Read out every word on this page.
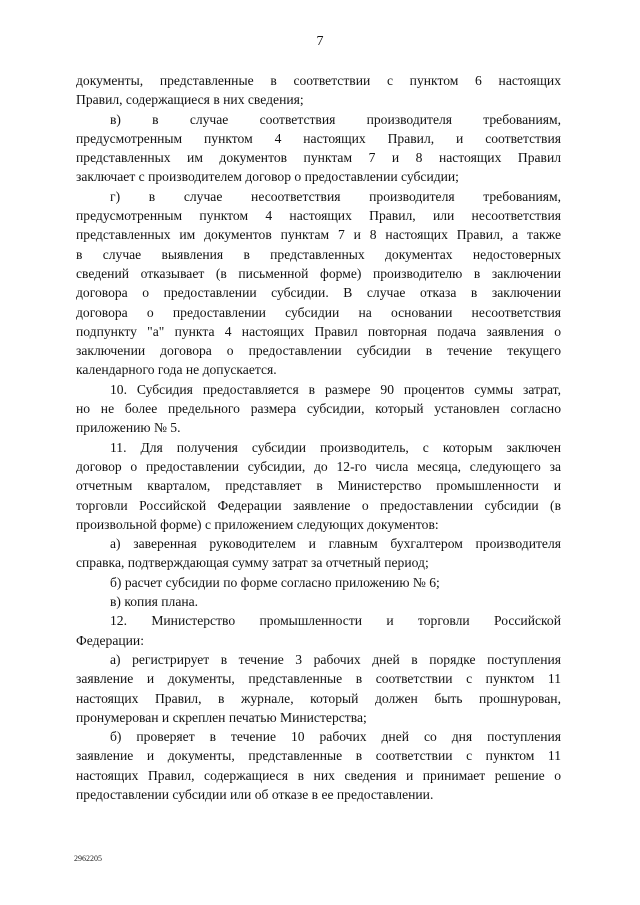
7
документы, представленные в соответствии с пунктом 6 настоящих
Правил, содержащиеся в них сведения;
в) в случае соответствия производителя требованиям,
предусмотренным пунктом 4 настоящих Правил, и соответствия
представленных им документов пунктам 7 и 8 настоящих Правил
заключает с производителем договор о предоставлении субсидии;
г) в случае несоответствия производителя требованиям,
предусмотренным пунктом 4 настоящих Правил, или несоответствия
представленных им документов пунктам 7 и 8 настоящих Правил, а также
в случае выявления в представленных документах недостоверных
сведений отказывает (в письменной форме) производителю в заключении
договора о предоставлении субсидии. В случае отказа в заключении
договора о предоставлении субсидии на основании несоответствия
подпункту "а" пункта 4 настоящих Правил повторная подача заявления о
заключении договора о предоставлении субсидии в течение текущего
календарного года не допускается.
10. Субсидия предоставляется в размере 90 процентов суммы затрат,
но не более предельного размера субсидии, который установлен согласно
приложению № 5.
11. Для получения субсидии производитель, с которым заключен
договор о предоставлении субсидии, до 12-го числа месяца, следующего за
отчетным кварталом, представляет в Министерство промышленности и
торговли Российской Федерации заявление о предоставлении субсидии (в
произвольной форме) с приложением следующих документов:
а) заверенная руководителем и главным бухгалтером производителя
справка, подтверждающая сумму затрат за отчетный период;
б) расчет субсидии по форме согласно приложению № 6;
в) копия плана.
12. Министерство промышленности и торговли Российской
Федерации:
а) регистрирует в течение 3 рабочих дней в порядке поступления
заявление и документы, представленные в соответствии с пунктом 11
настоящих Правил, в журнале, который должен быть прошнурован,
пронумерован и скреплен печатью Министерства;
б) проверяет в течение 10 рабочих дней со дня поступления
заявление и документы, представленные в соответствии с пунктом 11
настоящих Правил, содержащиеся в них сведения и принимает решение о
предоставлении субсидии или об отказе в ее предоставлении.
2962205
